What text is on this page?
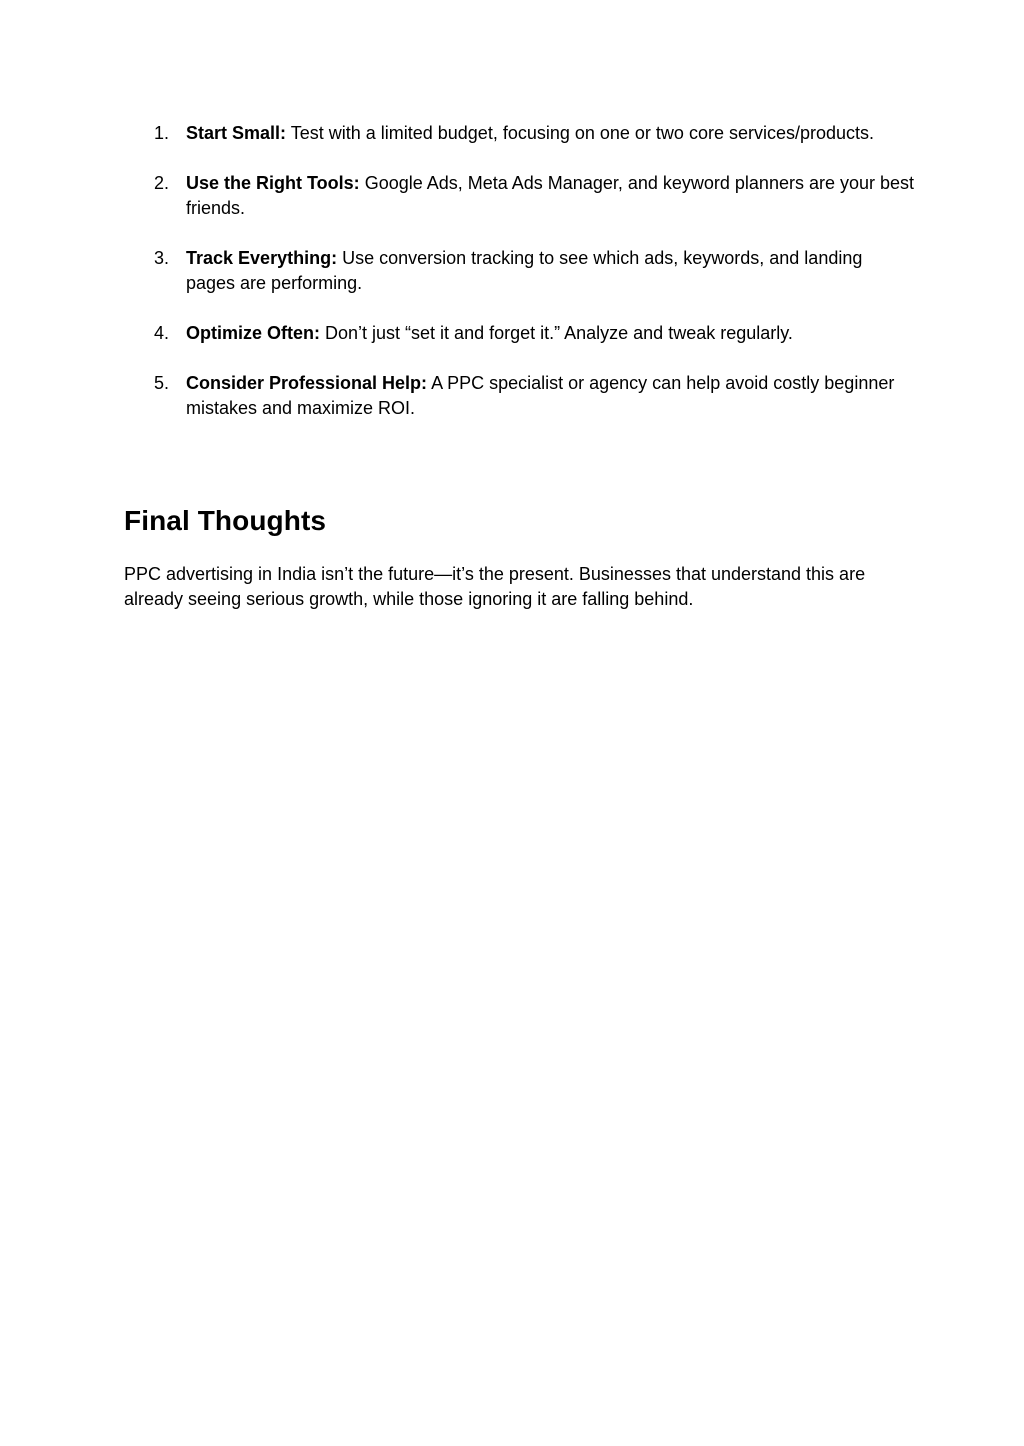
1. Start Small: Test with a limited budget, focusing on one or two core services/products.
2. Use the Right Tools: Google Ads, Meta Ads Manager, and keyword planners are your best friends.
3. Track Everything: Use conversion tracking to see which ads, keywords, and landing pages are performing.
4. Optimize Often: Don’t just “set it and forget it.” Analyze and tweak regularly.
5. Consider Professional Help: A PPC specialist or agency can help avoid costly beginner mistakes and maximize ROI.
Final Thoughts

PPC advertising in India isn’t the future—it’s the present. Businesses that understand this are already seeing serious growth, while those ignoring it are falling behind.
